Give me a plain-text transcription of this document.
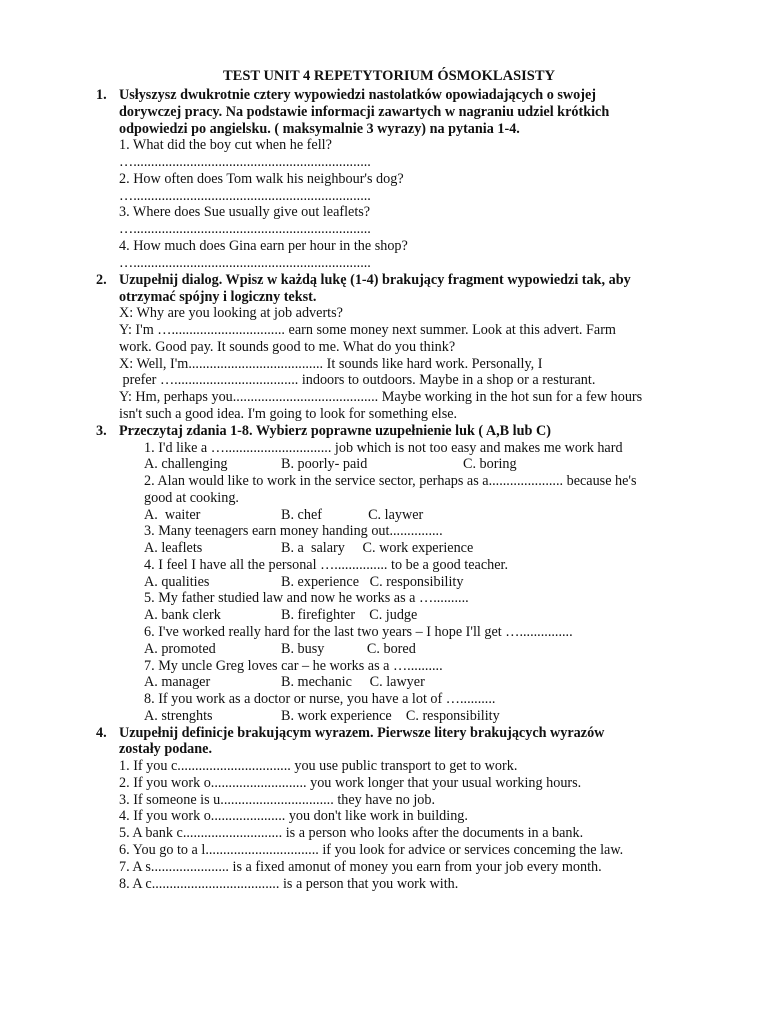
TEST UNIT 4 REPETYTORIUM ÓSMOKLASISTY
1. Usłyszysz dwukrotnie cztery wypowiedzi nastolatków opowiadających o swojej
dorywczej pracy. Na podstawie informacji zawartych w nagraniu udziel krótkich
odpowiedzi po angielsku. ( maksymalnie 3 wyrazy) na pytania 1-4.
1. What did the boy cut when he fell?
…...................................................................
2. How often does Tom walk his neighbour's dog?
…...................................................................
3. Where does Sue usually give out leaflets?
…...................................................................
4. How much does Gina earn per hour in the shop?
…...................................................................
2. Uzupełnij dialog. Wpisz w każdą lukę (1-4) brakujący fragment wypowiedzi tak, aby
otrzymać spójny i logiczny tekst.
X: Why are you looking at job adverts?
Y: I'm …................................ earn some money next summer. Look at this advert. Farm
work. Good pay. It sounds good to me. What do you think?
X: Well, I'm...................................... It sounds like hard work. Personally, I
prefer …................................... indoors to outdoors. Maybe in a shop or a resturant.
Y: Hm, perhaps you......................................... Maybe working in the hot sun for a few hours
isn't such a good idea. I'm going to look for something else.
3. Przeczytaj zdania 1-8. Wybierz poprawne uzupełnienie luk ( A,B lub C)
1. I'd like a ….............................. job which is not too easy and makes me work hard
A. challenging	B. poorly- paid	C. boring
2. Alan would like to work in the service sector, perhaps as a..................... because he's
good at cooking.
A.  waiter	B. chef             C. laywer
3. Many teenagers earn money handing out...............
A. leaflets	B. a  salary     C. work experience
4. I feel I have all the personal …............... to be a good teacher.
A. qualities	B. experience   C. responsibility
5. My father studied law and now he works as a …..........
A. bank clerk	B. firefighter    C. judge
6. I've worked really hard for the last two years – I hope I'll get …...............
A. promoted	B. busy            C. bored
7. My uncle Greg loves car – he works as a …..........
A. manager	B. mechanic     C. lawyer
8. If you work as a doctor or nurse, you have a lot of …..........
A. strenghts	B. work experience    C. responsibility
4. Uzupełnij definicje brakującym wyrazem. Pierwsze litery brakujących wyrazów
zostały podane.
1. If you c................................ you use public transport to get to work.
2. If you work o........................... you work longer that your usual working hours.
3. If someone is u................................ they have no job.
4. If you work o..................... you don't like work in building.
5. A bank c............................ is a person who looks after the documents in a bank.
6. You go to a l................................ if you look for advice or services conceming the law.
7. A s...................... is a fixed amonut of money you earn from your job every month.
8. A c.................................... is a person that you work with.
